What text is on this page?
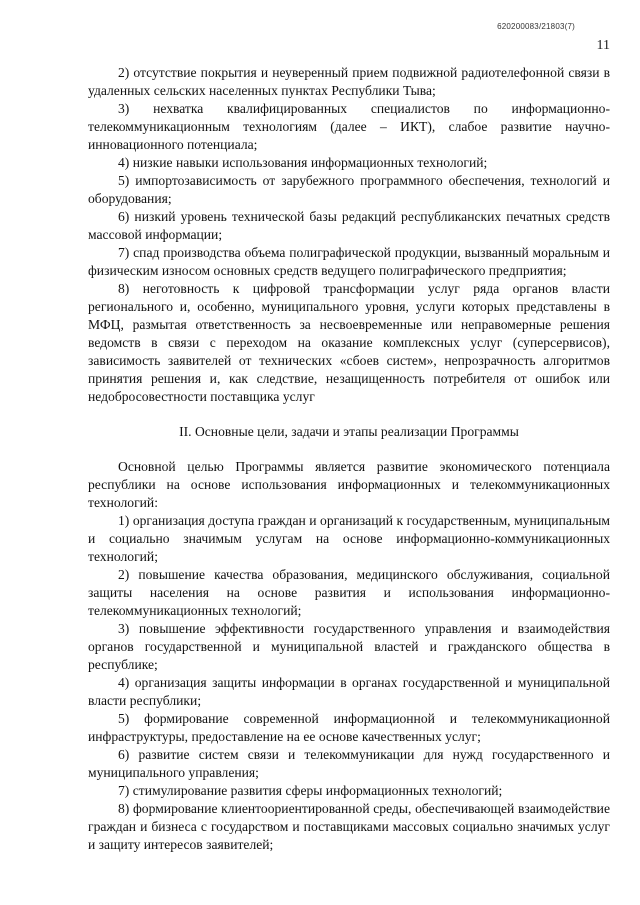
620200083/21803(7)
11

2) отсутствие покрытия и неуверенный прием подвижной радиотелефонной связи в удаленных сельских населенных пунктах Республики Тыва;

3) нехватка квалифицированных специалистов по информационно-телекоммуникационным технологиям (далее – ИКТ), слабое развитие научно-инновационного потенциала;

4) низкие навыки использования информационных технологий;

5) импортозависимость от зарубежного программного обеспечения, технологий и оборудования;

6) низкий уровень технической базы редакций республиканских печатных средств массовой информации;

7) спад производства объема полиграфической продукции, вызванный моральным и физическим износом основных средств ведущего полиграфического предприятия;

8) неготовность к цифровой трансформации услуг ряда органов власти регионального и, особенно, муниципального уровня, услуги которых представлены в МФЦ, размытая ответственность за несвоевременные или неправомерные решения ведомств в связи с переходом на оказание комплексных услуг (суперсервисов), зависимость заявителей от технических «сбоев систем», непрозрачность алгоритмов принятия решения и, как следствие, незащищенность потребителя от ошибок или недобросовестности поставщика услуг

II. Основные цели, задачи и этапы реализации Программы

Основной целью Программы является развитие экономического потенциала республики на основе использования информационных и телекоммуникационных технологий:

1) организация доступа граждан и организаций к государственным, муниципальным и социально значимым услугам на основе информационно-коммуникационных технологий;

2) повышение качества образования, медицинского обслуживания, социальной защиты населения на основе развития и использования информационно-телекоммуникационных технологий;

3) повышение эффективности государственного управления и взаимодействия органов государственной и муниципальной властей и гражданского общества в республике;

4) организация защиты информации в органах государственной и муниципальной власти республики;

5) формирование современной информационной и телекоммуникационной инфраструктуры, предоставление на ее основе качественных услуг;

6) развитие систем связи и телекоммуникации для нужд государственного и муниципального управления;

7) стимулирование развития сферы информационных технологий;

8) формирование клиентоориентированной среды, обеспечивающей взаимодействие граждан и бизнеса с государством и поставщиками массовых социально значимых услуг и защиту интересов заявителей;
